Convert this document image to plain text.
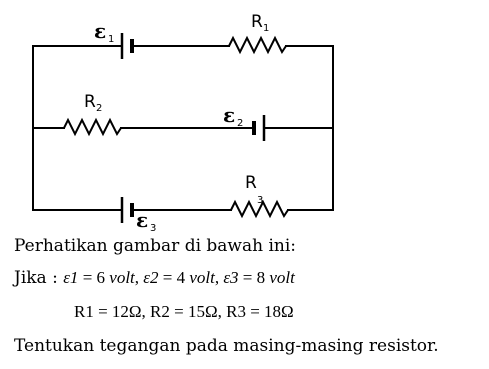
ε 1
R 1
R 2	ε 2
R
3
ε 3
Perhatikan gambar di bawah ini:
Jika : ε1 = 6 volt, ε2 = 4 volt, ε3 = 8 volt
R1 = 12Ω, R2 = 15Ω, R3 = 18Ω
Tentukan tegangan pada masing-masing resistor.
